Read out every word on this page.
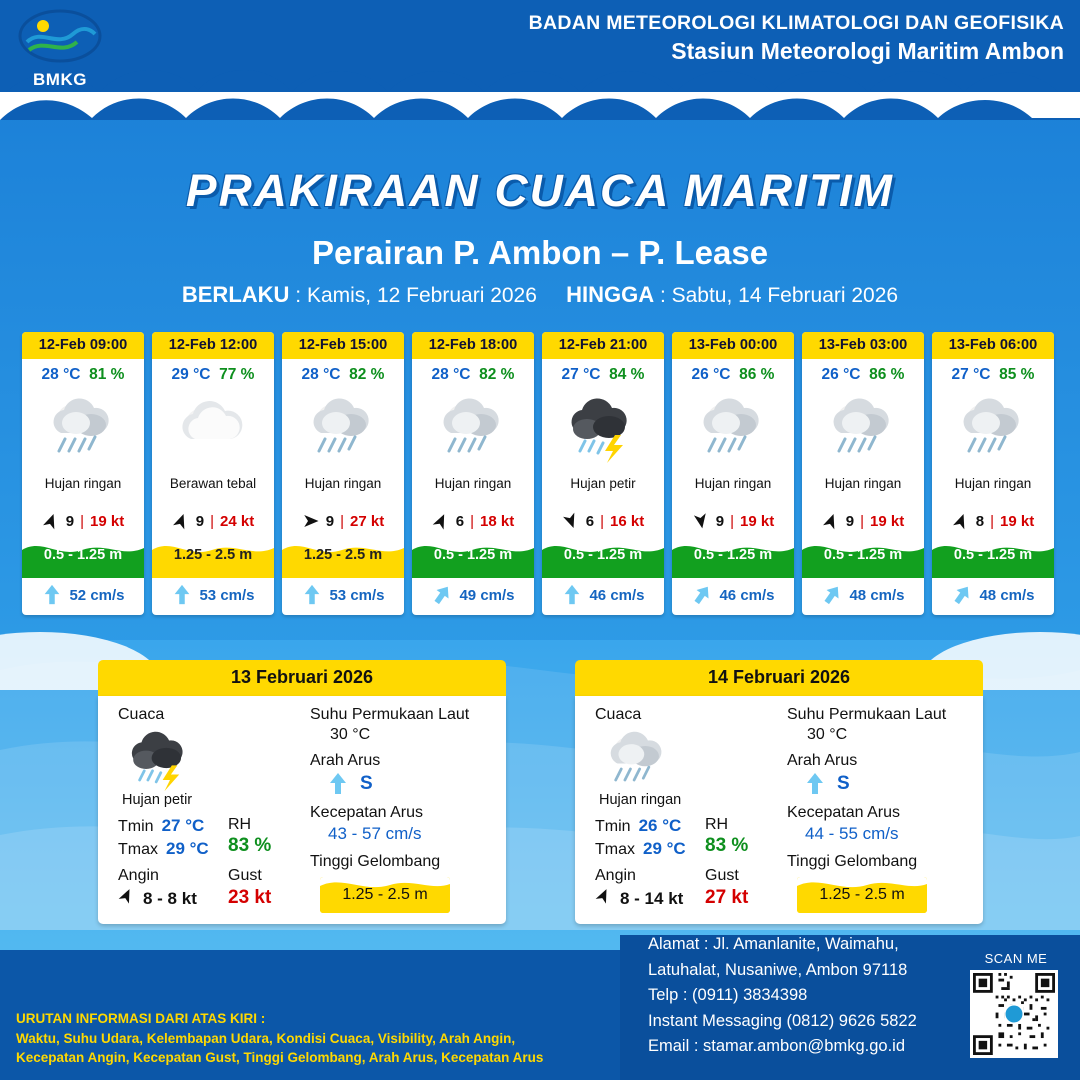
BMKG
BADAN METEOROLOGI KLIMATOLOGI DAN GEOFISIKA
Stasiun Meteorologi Maritim Ambon
PRAKIRAAN CUACA MARITIM
Perairan P. Ambon – P. Lease
BERLAKU : Kamis, 12 Februari 2026 HINGGA : Sabtu, 14 Februari 2026
12-Feb 09:00
28 °C 81 %
Hujan ringan
9 | 19 kt
0.5 - 1.25 m
52 cm/s
12-Feb 12:00
29 °C 77 %
Berawan tebal
9 | 24 kt
1.25 - 2.5 m
53 cm/s
12-Feb 15:00
28 °C 82 %
Hujan ringan
9 | 27 kt
1.25 - 2.5 m
53 cm/s
12-Feb 18:00
28 °C 82 %
Hujan ringan
6 | 18 kt
0.5 - 1.25 m
49 cm/s
12-Feb 21:00
27 °C 84 %
Hujan petir
6 | 16 kt
0.5 - 1.25 m
46 cm/s
13-Feb 00:00
26 °C 86 %
Hujan ringan
9 | 19 kt
0.5 - 1.25 m
46 cm/s
13-Feb 03:00
26 °C 86 %
Hujan ringan
9 | 19 kt
0.5 - 1.25 m
48 cm/s
13-Feb 06:00
27 °C 85 %
Hujan ringan
8 | 19 kt
0.5 - 1.25 m
48 cm/s
13 Februari 2026
Cuaca
Hujan petir
Tmin 27 °C
Tmax 29 °C
RH
83 %
Angin
8 - 8 kt
Gust
23 kt
Suhu Permukaan Laut
30 °C
Arah Arus
S
Kecepatan Arus
43 - 57 cm/s
Tinggi Gelombang
1.25 - 2.5 m
14 Februari 2026
Cuaca
Hujan ringan
Tmin 26 °C
Tmax 29 °C
RH
83 %
Angin
8 - 14 kt
Gust
27 kt
Suhu Permukaan Laut
30 °C
Arah Arus
S
Kecepatan Arus
44 - 55 cm/s
Tinggi Gelombang
1.25 - 2.5 m
URUTAN INFORMASI DARI ATAS KIRI :
Waktu, Suhu Udara, Kelembapan Udara, Kondisi Cuaca, Visibility, Arah Angin,
Kecepatan Angin, Kecepatan Gust, Tinggi Gelombang, Arah Arus, Kecepatan Arus
Alamat : Jl. Amanlanite, Waimahu,
Latuhalat, Nusaniwe, Ambon 97118
Telp : (0911) 3834398
Instant Messaging (0812) 9626 5822
Email : stamar.ambon@bmkg.go.id
SCAN ME
